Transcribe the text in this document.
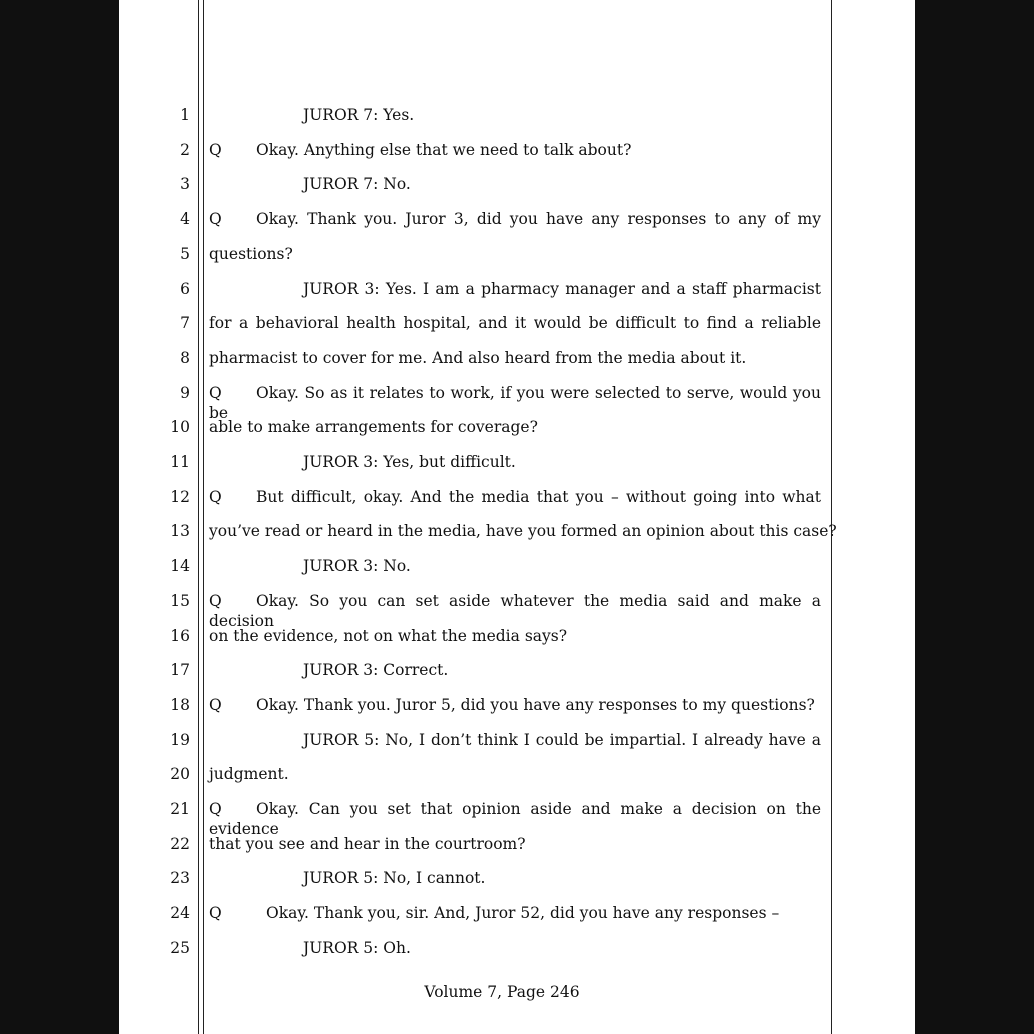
1	JUROR 7: Yes.
2 Q Okay. Anything else that we need to talk about?
3	JUROR 7: No.
4 Q Okay. Thank you. Juror 3, did you have any responses to any of my
5 questions?
6	JUROR 3: Yes. I am a pharmacy manager and a staff pharmacist
7 for a behavioral health hospital, and it would be difficult to find a reliable
8 pharmacist to cover for me. And also heard from the media about it.
9 Q Okay. So as it relates to work, if you were selected to serve, would you be
10 able to make arrangements for coverage?
11	JUROR 3: Yes, but difficult.
12 Q But difficult, okay. And the media that you – without going into what
13 you’ve read or heard in the media, have you formed an opinion about this case?
14	JUROR 3: No.
15 Q Okay. So you can set aside whatever the media said and make a decision
16 on the evidence, not on what the media says?
17	JUROR 3: Correct.
18 Q Okay. Thank you. Juror 5, did you have any responses to my questions?
19	JUROR 5: No, I don’t think I could be impartial. I already have a
20 judgment.
21 Q Okay. Can you set that opinion aside and make a decision on the evidence
22 that you see and hear in the courtroom?
23	JUROR 5: No, I cannot.
24 Q	Okay. Thank you, sir. And, Juror 52, did you have any responses –
25	JUROR 5: Oh.
Volume 7, Page 246
